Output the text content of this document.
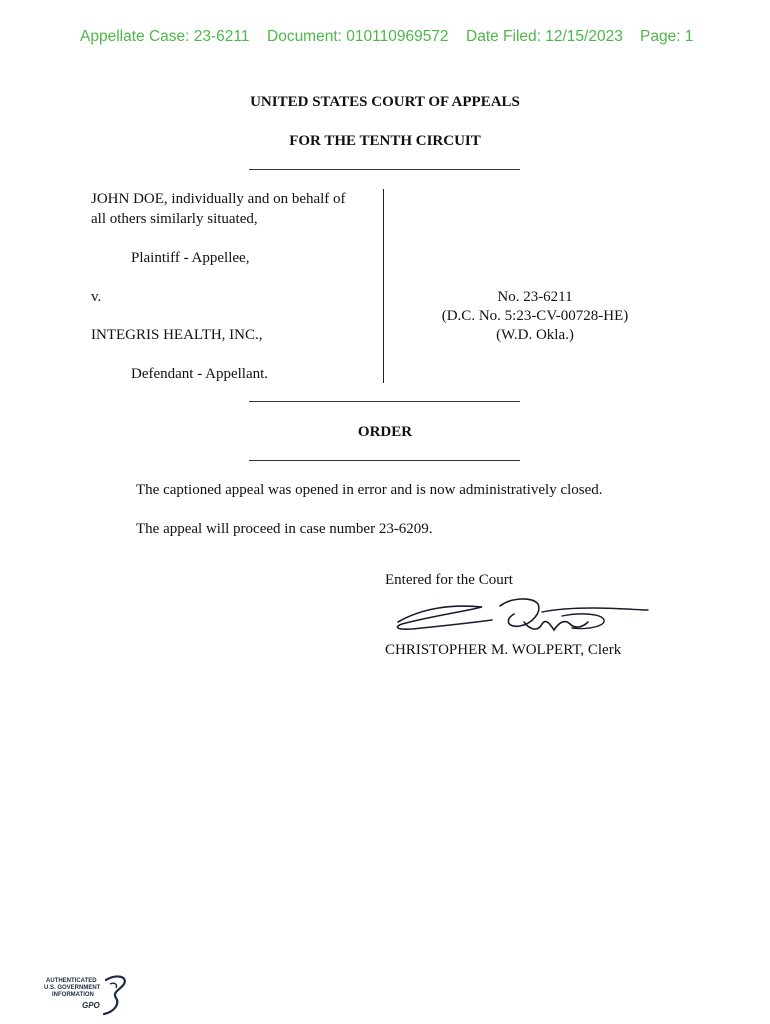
Appellate Case: 23-6211 Document: 010110969572 Date Filed: 12/15/2023 Page: 1
UNITED STATES COURT OF APPEALS
FOR THE TENTH CIRCUIT
JOHN DOE, individually and on behalf of
all others similarly situated,
Plaintiff - Appellee,
v.
INTEGRIS HEALTH, INC.,
Defendant - Appellant.
No. 23-6211
(D.C. No. 5:23-CV-00728-HE)
(W.D. Okla.)
ORDER
The captioned appeal was opened in error and is now administratively closed.
The appeal will proceed in case number 23-6209.
Entered for the Court
CHRISTOPHER M. WOLPERT, Clerk
AUTHENTICATED
U.S. GOVERNMENT
INFORMATION
GPO
